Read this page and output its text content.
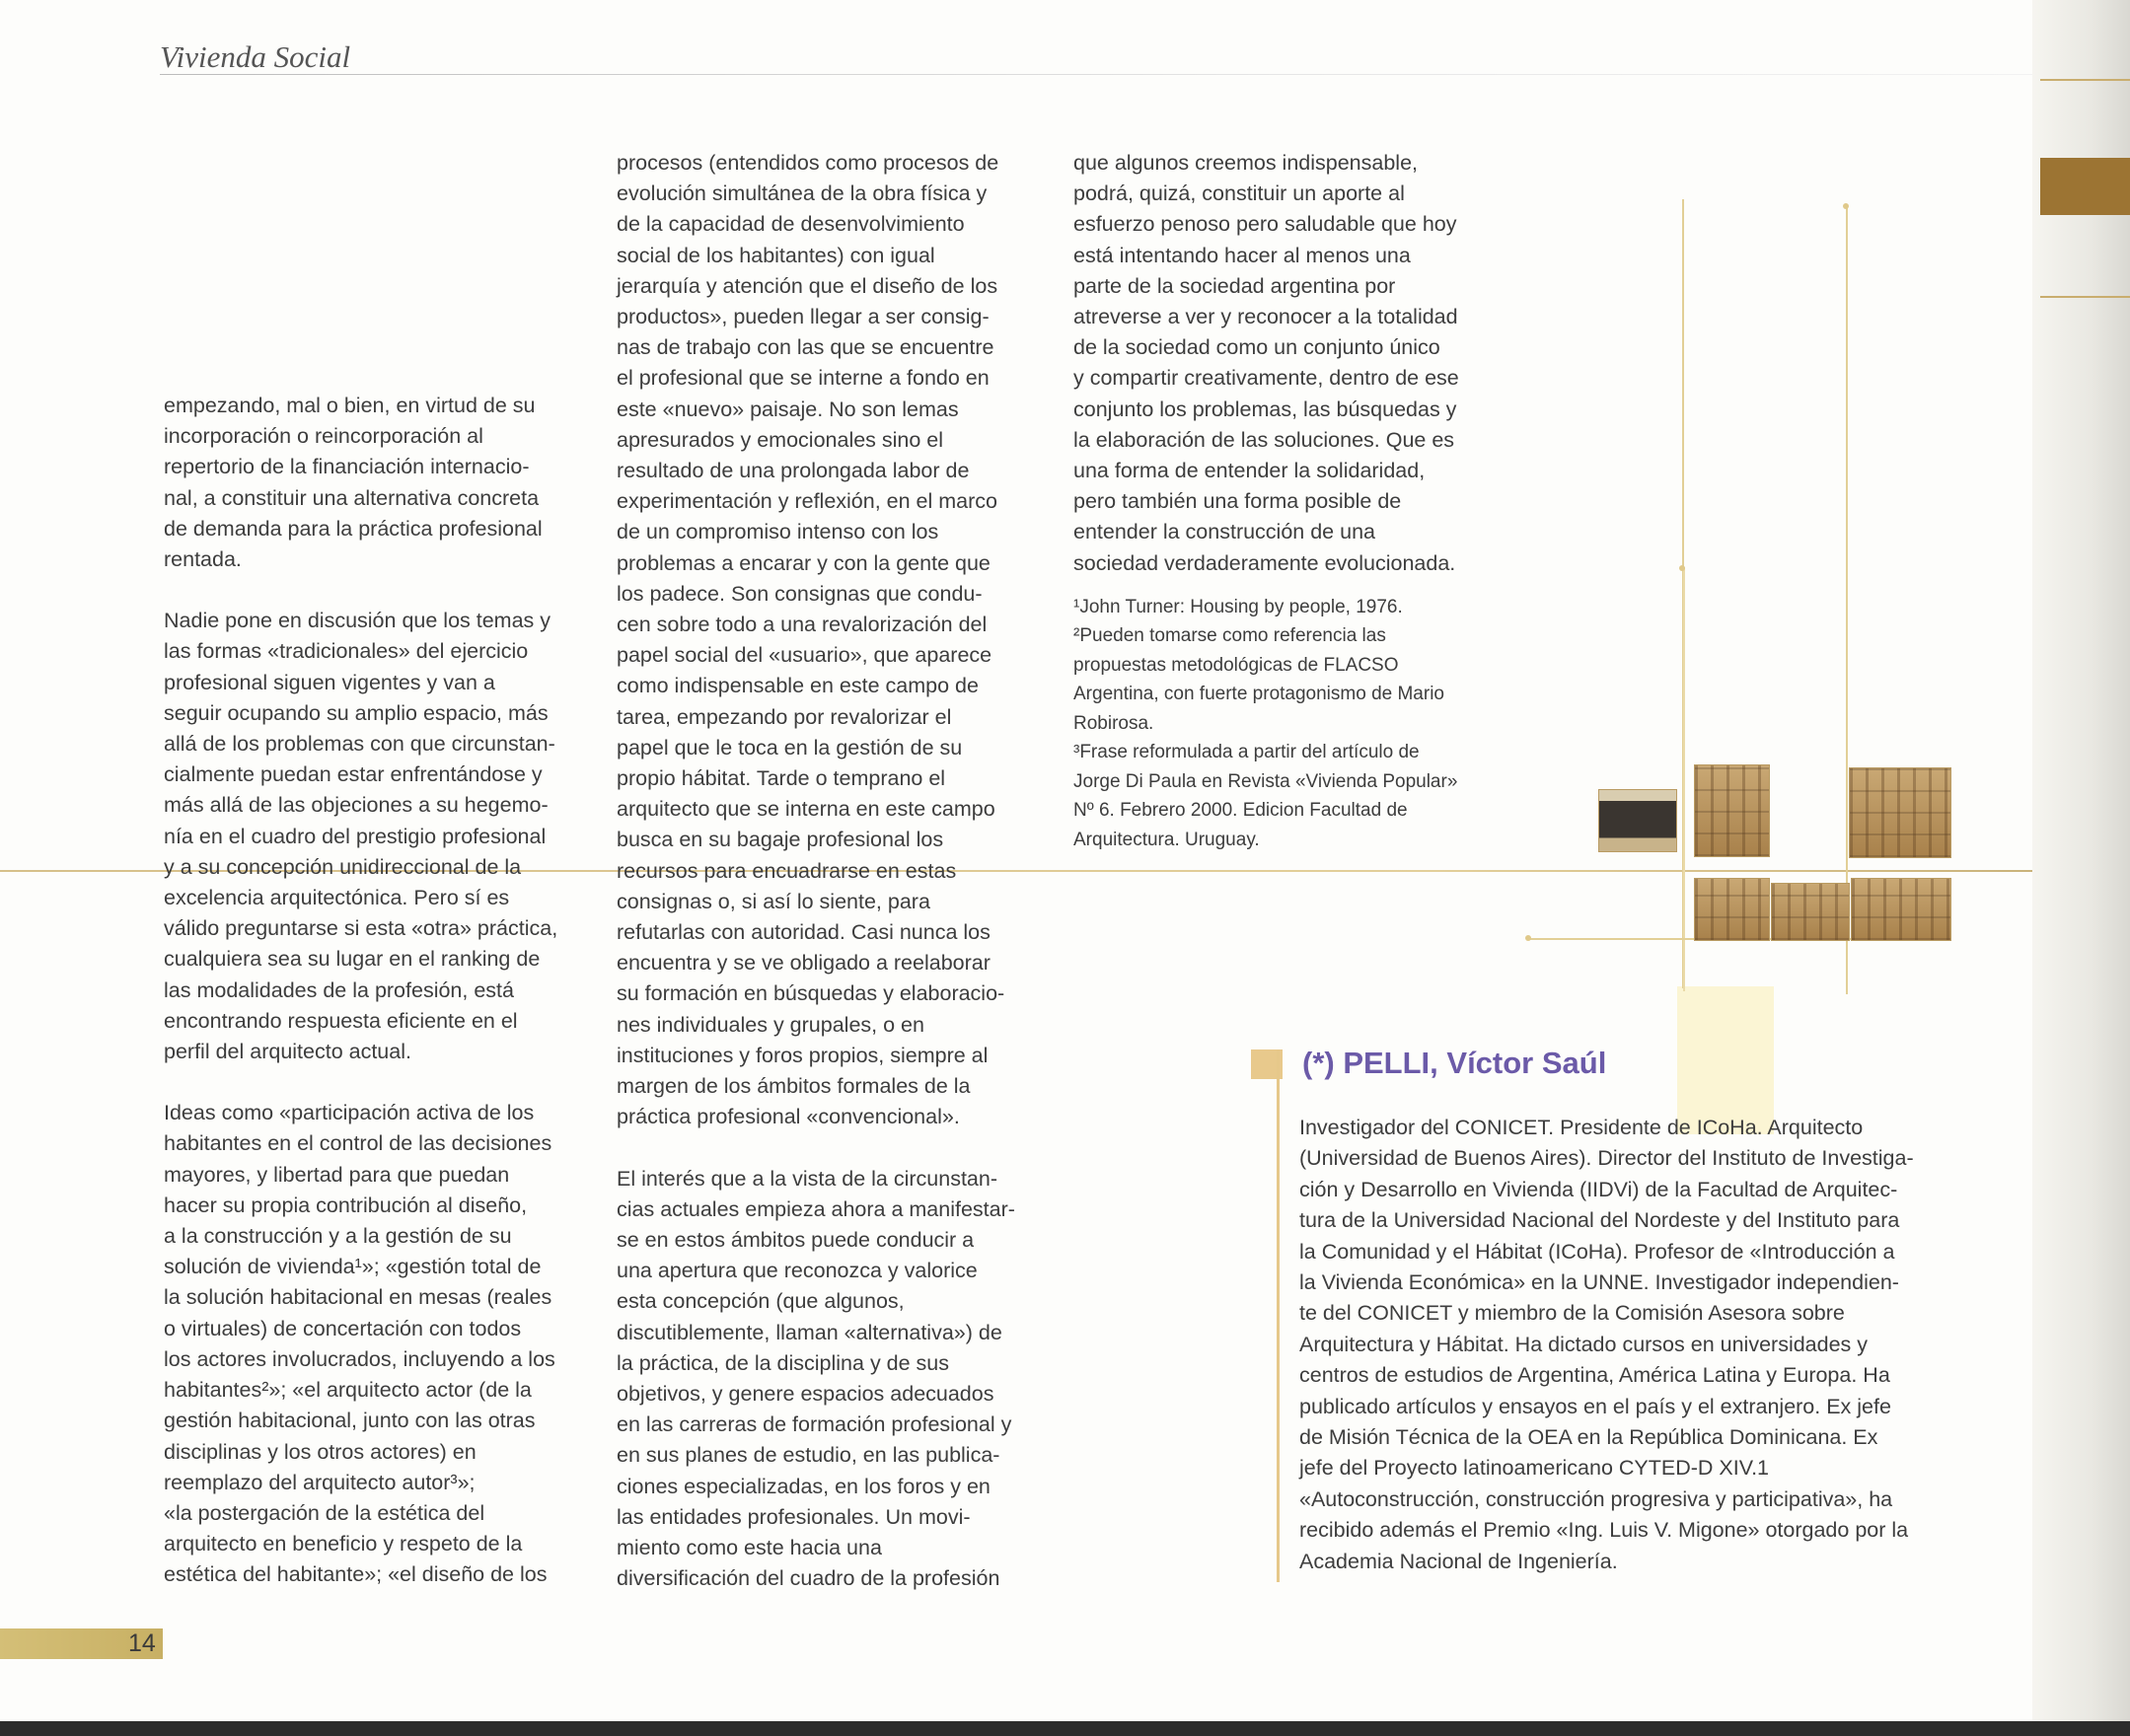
Vivienda Social

empezando, mal o bien, en virtud de su
incorporación o reincorporación al
repertorio de la financiación internacio-
nal, a constituir una alternativa concreta
de demanda para la práctica profesional
rentada.

Nadie pone en discusión que los temas y
las formas «tradicionales» del ejercicio
profesional siguen vigentes y van a
seguir ocupando su amplio espacio, más
allá de los problemas con que circunstan-
cialmente puedan estar enfrentándose y
más allá de las objeciones a su hegemo-
nía en el cuadro del prestigio profesional
y a su concepción unidireccional de la
excelencia arquitectónica. Pero sí es
válido preguntarse si esta «otra» práctica,
cualquiera sea su lugar en el ranking de
las modalidades de la profesión, está
encontrando respuesta eficiente en el
perfil del arquitecto actual.

Ideas como «participación activa de los
habitantes en el control de las decisiones
mayores, y libertad para que puedan
hacer su propia contribución al diseño,
a la construcción y a la gestión de su
solución de vivienda¹»; «gestión total de
la solución habitacional en mesas (reales
o virtuales) de concertación con todos
los actores involucrados, incluyendo a los
habitantes²»; «el arquitecto actor (de la
gestión habitacional, junto con las otras
disciplinas y los otros actores) en
reemplazo del arquitecto autor³»;
«la postergación de la estética del
arquitecto en beneficio y respeto de la
estética del habitante»; «el diseño de los

procesos (entendidos como procesos de
evolución simultánea de la obra física y
de la capacidad de desenvolvimiento
social de los habitantes) con igual
jerarquía y atención que el diseño de los
productos», pueden llegar a ser consig-
nas de trabajo con las que se encuentre
el profesional que se interne a fondo en
este «nuevo» paisaje. No son lemas
apresurados y emocionales sino el
resultado de una prolongada labor de
experimentación y reflexión, en el marco
de un compromiso intenso con los
problemas a encarar y con la gente que
los padece. Son consignas que condu-
cen sobre todo a una revalorización del
papel social del «usuario», que aparece
como indispensable en este campo de
tarea, empezando por revalorizar el
papel que le toca en la gestión de su
propio hábitat. Tarde o temprano el
arquitecto que se interna en este campo
busca en su bagaje profesional los
recursos para encuadrarse en estas
consignas o, si así lo siente, para
refutarlas con autoridad. Casi nunca los
encuentra y se ve obligado a reelaborar
su formación en búsquedas y elaboracio-
nes individuales y grupales, o en
instituciones y foros propios, siempre al
margen de los ámbitos formales de la
práctica profesional «convencional».

El interés que a la vista de la circunstan-
cias actuales empieza ahora a manifestar-
se en estos ámbitos puede conducir a
una apertura que reconozca y valorice
esta concepción (que algunos,
discutiblemente, llaman «alternativa») de
la práctica, de la disciplina y de sus
objetivos, y genere espacios adecuados
en las carreras de formación profesional y
en sus planes de estudio, en las publica-
ciones especializadas, en los foros y en
las entidades profesionales. Un movi-
miento como este hacia una
diversificación del cuadro de la profesión

que algunos creemos indispensable,
podrá, quizá, constituir un aporte al
esfuerzo penoso pero saludable que hoy
está intentando hacer al menos una
parte de la sociedad argentina por
atreverse a ver y reconocer a la totalidad
de la sociedad como un conjunto único
y compartir creativamente, dentro de ese
conjunto los problemas, las búsquedas y
la elaboración de las soluciones. Que es
una forma de entender la solidaridad,
pero también una forma posible de
entender la construcción de una
sociedad verdaderamente evolucionada.

¹John Turner: Housing by people, 1976.

²Pueden tomarse como referencia las
propuestas metodológicas de FLACSO
Argentina, con fuerte protagonismo de Mario
Robirosa.

³Frase reformulada a partir del artículo de
Jorge Di Paula en Revista «Vivienda Popular»
Nº 6. Febrero 2000. Edicion Facultad de
Arquitectura. Uruguay.

(*) PELLI, Víctor Saúl
Investigador del CONICET. Presidente de ICoHa. Arquitecto
(Universidad de Buenos Aires). Director del Instituto de Investiga-
ción y Desarrollo en Vivienda (IIDVi) de la Facultad de Arquitec-
tura de la Universidad Nacional del Nordeste y del Instituto para
la Comunidad y el Hábitat (ICoHa). Profesor de «Introducción a
la Vivienda Económica» en la UNNE. Investigador independien-
te del CONICET y miembro de la Comisión Asesora sobre
Arquitectura y Hábitat. Ha dictado cursos en universidades y
centros de estudios de Argentina, América Latina y Europa. Ha
publicado artículos y ensayos en el país y el extranjero. Ex jefe
de Misión Técnica de la OEA en la República Dominicana. Ex
jefe del Proyecto latinoamericano CYTED-D XIV.1
«Autoconstrucción, construcción progresiva y participativa», ha
recibido además el Premio «Ing. Luis V. Migone» otorgado por la
Academia Nacional de Ingeniería.
14
